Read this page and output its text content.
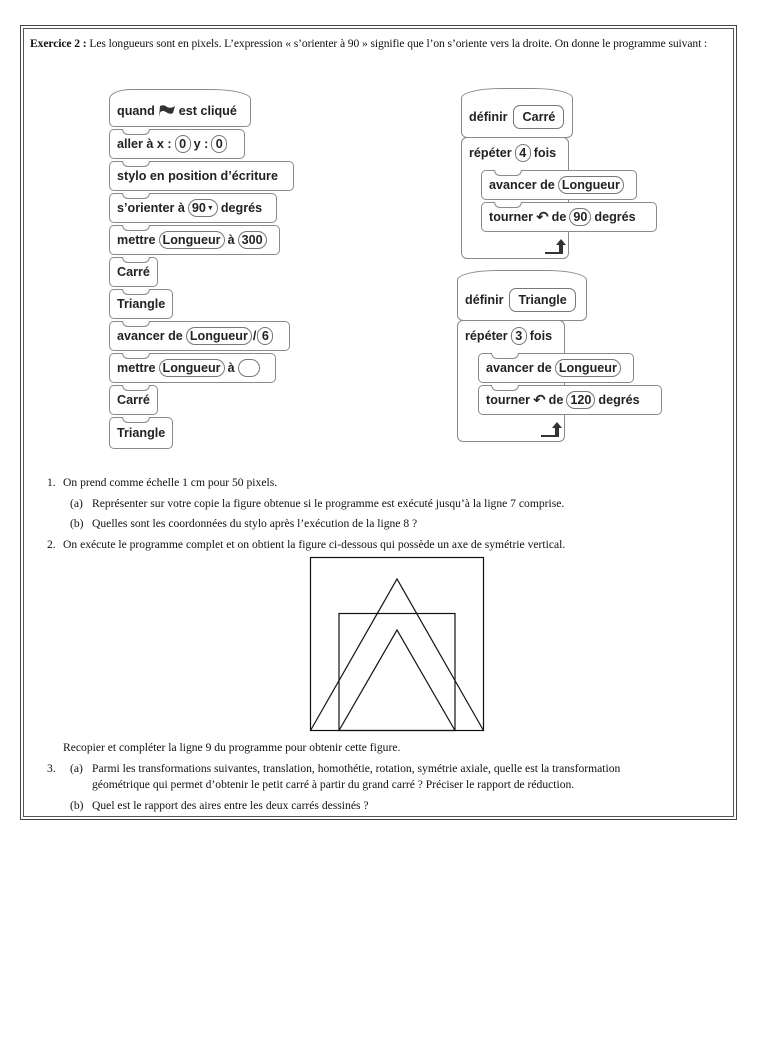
Exercice 2 : Les longueurs sont en pixels. L’expression « s’orienter à 90 » signifie que l’on s’oriente vers la droite. On donne le programme suivant :
quand est cliqué
aller à x : 0 y : 0
stylo en position d’écriture
s’orienter à 90 ▼ degrés
mettre Longueur à 300
Carré
Triangle
avancer de Longueur / 6
mettre Longueur à
Carré
Triangle
définir	Carré
répéter 4 fois
avancer de Longueur
tourner ↶ de 90 degrés
définir	Triangle
répéter 3 fois
avancer de Longueur
tourner ↶ de 120 degrés
1. On prend comme échelle 1 cm pour 50 pixels.
(a) Représenter sur votre copie la figure obtenue si le programme est exécuté jusqu’à la ligne 7 comprise.
(b) Quelles sont les coordonnées du stylo après l’exécution de la ligne 8 ?
2. On exécute le programme complet et on obtient la figure ci-dessous qui possède un axe de symétrie vertical.
Recopier et compléter la ligne 9 du programme pour obtenir cette figure.
3. (a) Parmi les transformations suivantes, translation, homothétie, rotation, symétrie axiale, quelle est la transformation
géométrique qui permet d’obtenir le petit carré à partir du grand carré ? Préciser le rapport de réduction.
(b) Quel est le rapport des aires entre les deux carrés dessinés ?
